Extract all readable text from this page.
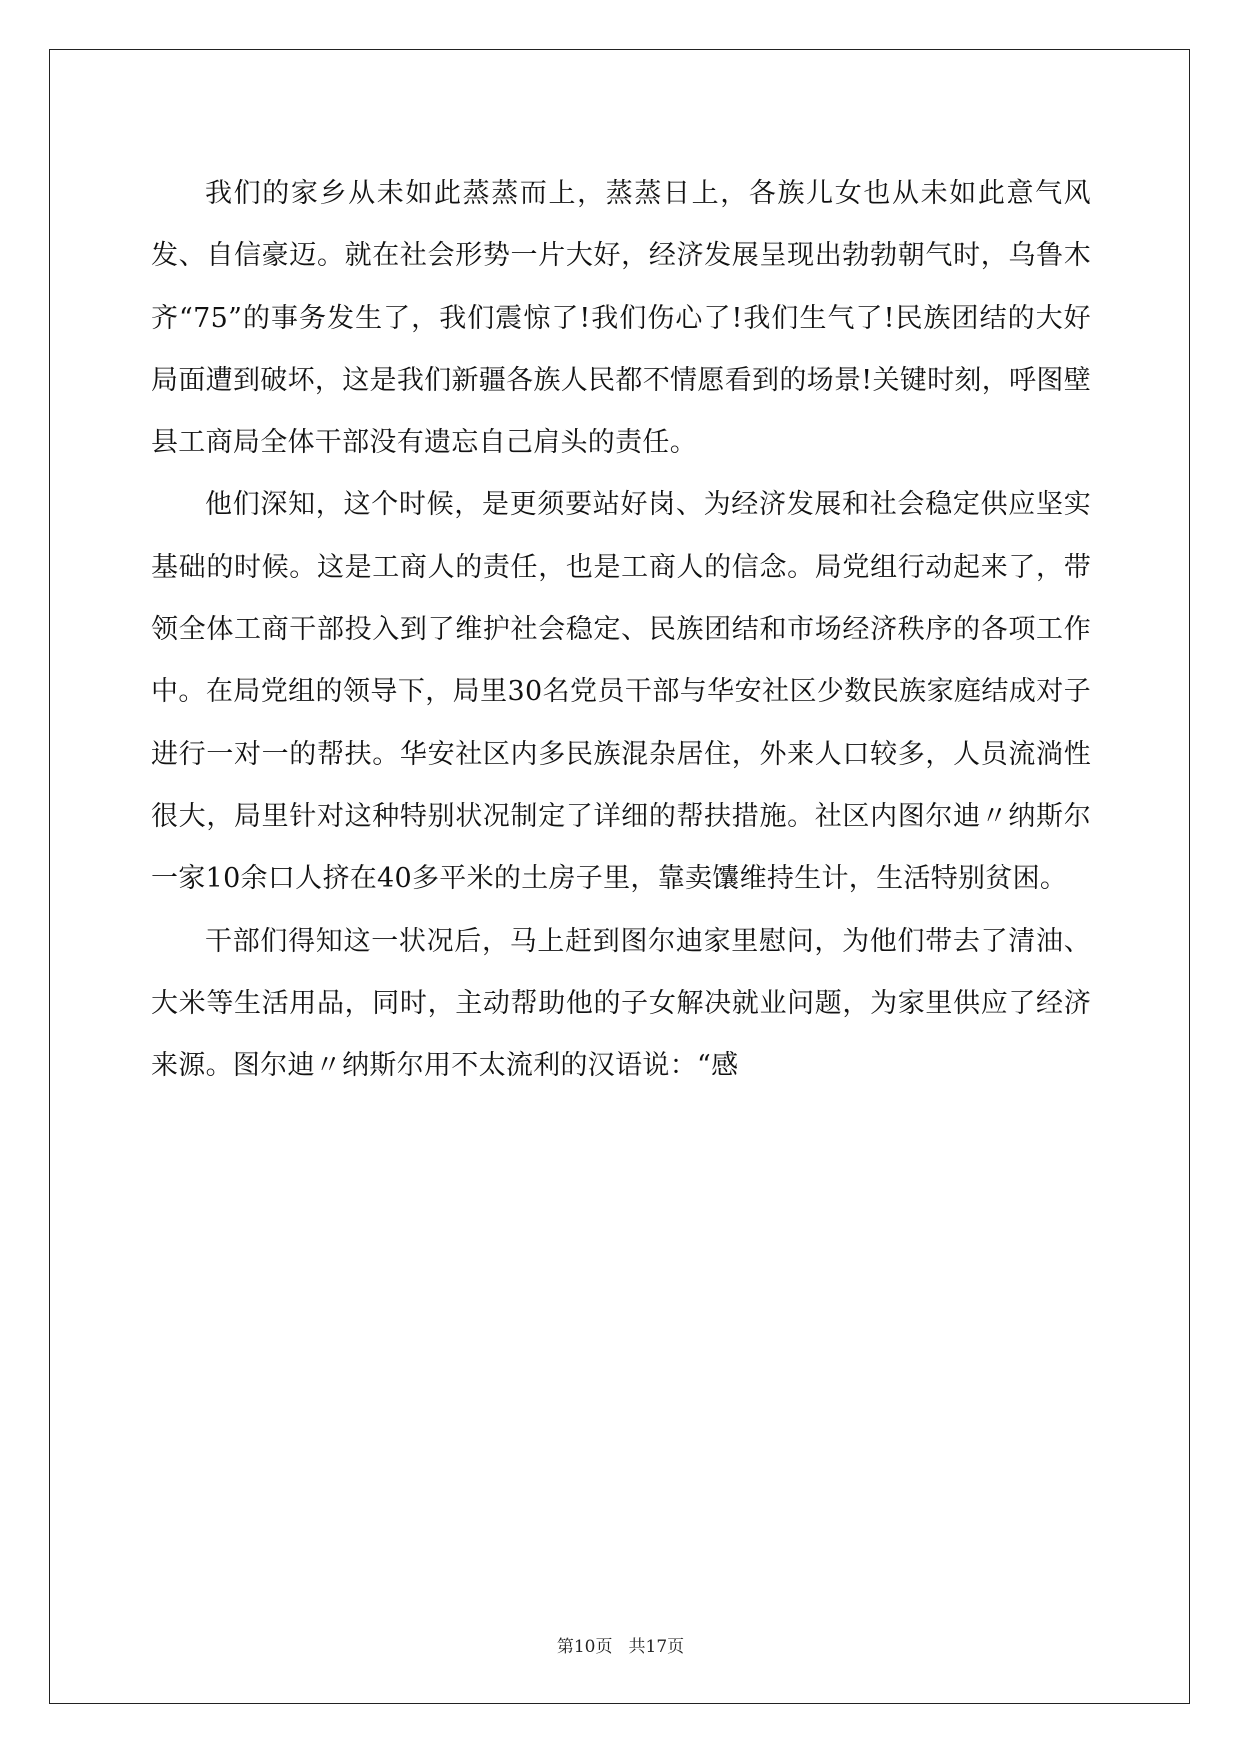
我们的家乡从未如此蒸蒸而上，蒸蒸日上，各族儿女也从未如此意气风发、自信豪迈。就在社会形势一片大好，经济发展呈现出勃勃朝气时，乌鲁木齐“75”的事务发生了，我们震惊了!我们伤心了!我们生气了!民族团结的大好局面遭到破坏，这是我们新疆各族人民都不情愿看到的场景!关键时刻，呼图壁县工商局全体干部没有遗忘自己肩头的责任。

他们深知，这个时候，是更须要站好岗、为经济发展和社会稳定供应坚实基础的时候。这是工商人的责任，也是工商人的信念。局党组行动起来了，带领全体工商干部投入到了维护社会稳定、民族团结和市场经济秩序的各项工作中。在局党组的领导下，局里30名党员干部与华安社区少数民族家庭结成对子进行一对一的帮扶。华安社区内多民族混杂居住，外来人口较多，人员流淌性很大，局里针对这种特别状况制定了详细的帮扶措施。社区内图尔迪〃纳斯尔一家10余口人挤在40多平米的土房子里，靠卖馕维持生计，生活特别贫困。

干部们得知这一状况后，马上赶到图尔迪家里慰问，为他们带去了清油、大米等生活用品，同时，主动帮助他的子女解决就业问题，为家里供应了经济来源。图尔迪〃纳斯尔用不太流利的汉语说：“感

第10页 共17页
